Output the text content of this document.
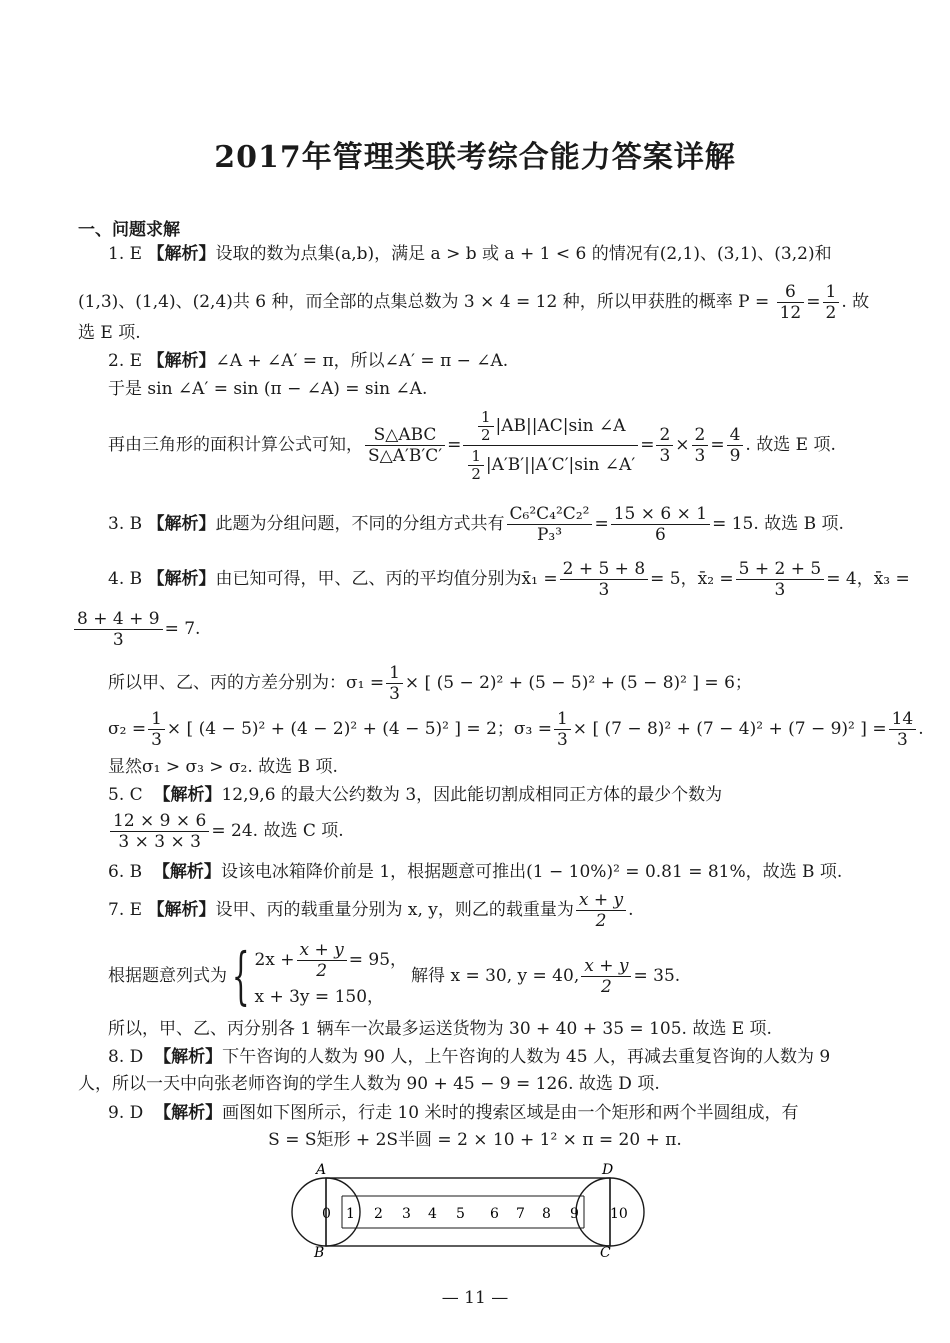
2017年管理类联考综合能力答案详解
一、问题求解
1. E 【解析】设取的数为点集(a,b)，满足 a > b 或 a + 1 < 6 的情况有(2,1)、(3,1)、(3,2)和
(1,3)、(1,4)、(2,4)共 6 种，而全部的点集总数为 3 × 4 = 12 种，所以甲获胜的概率 $P = \frac{6}{12} = \frac{1}{2}$ . 故
选 E 项.
2. E 【解析】∠A + ∠A′ = π，所以∠A′ = π − ∠A.
于是 sin ∠A′ = sin (π − ∠A) = sin ∠A.
再由三角形的面积计算公式可知， $\frac{\text{S△ABC}}{S\triangle A'B'C'} = \frac{\frac{1}{2} |AB||AC|\sin \angle A}{\frac{1}{2} |A'B'||A'C'|\sin \angle A'} = \frac{2}{3} \times \frac{2}{3} = \frac{4}{9}$ . 故选 E 项.
3. B
【解析】 此题为分组问题，不同的分组方式共有 $\frac{\text{C₆²C₄²C₂²}}{\text{P₃³}} = \frac{15 \times 6 \times 1}{6} = 15$. 故选 B 项.
4. B
【解析】 由已知可得，甲、乙、丙的平均值分别为 x̄₁ = $\frac{2 + 5 + 8}{3} = 5$，x̄₂ = $\frac{5 + 2 + 5}{3} = 4$，x̄₃ =
$\frac{8 + 4 + 9}{3} = 7$.
所以甲、乙、丙的方差分别为：$\sigma_1 = \frac{1}{3}$ × [ (5 − 2)² + (5 − 5)² + (5 − 8)² ] = 6；
$\sigma_2 = \frac{1}{3}$ × [ (4 − 5)² + (4 − 2)² + (4 − 5)² ] = 2；$\sigma_3 = \frac{1}{3}$ × [ (7 − 8)² + (7 − 4)² + (7 − 9)² ] = $\frac{14}{3}$ .
显然σ₁ > σ₃ > σ₂. 故选 B 项.
5. C 【解析】12,9,6 的最大公约数为 3，因此能切割成相同正方体的最少个数为
$\frac{12 \times 9 \times 6}{3 \times 3 \times 3} = 24$. 故选 C 项.
6. B 【解析】设该电冰箱降价前是 1，根据题意可推出(1 − 10%)² = 0.81 = 81%，故选 B 项.
7. E
【解析】 设甲、丙的载重量分别为 x, y，则乙的载重量为 $\frac{x + y}{2}$ .
根据题意列式为 { $2x + \frac{x + y}{2} = 95$，
x + 3y = 150，
解得 x = 30, y = 40, $\frac{x + y}{2} = 35$.
所以，甲、乙、丙分别各 1 辆车一次最多运送货物为 30 + 40 + 35 = 105. 故选 E 项.
8. D 【解析】下午咨询的人数为 90 人，上午咨询的人数为 45 人，再减去重复咨询的人数为 9
人，所以一天中向张老师咨询的学生人数为 90 + 45 − 9 = 126. 故选 D 项.
9. D 【解析】画图如下图所示，行走 10 米时的搜索区域是由一个矩形和两个半圆组成，有
S = S矩形 + 2S半圆 = 2 × 10 + 1² × π = 20 + π.
A
B	C
D
0 1 2 3 4 5 6 7 8 9 10
— 11 —
